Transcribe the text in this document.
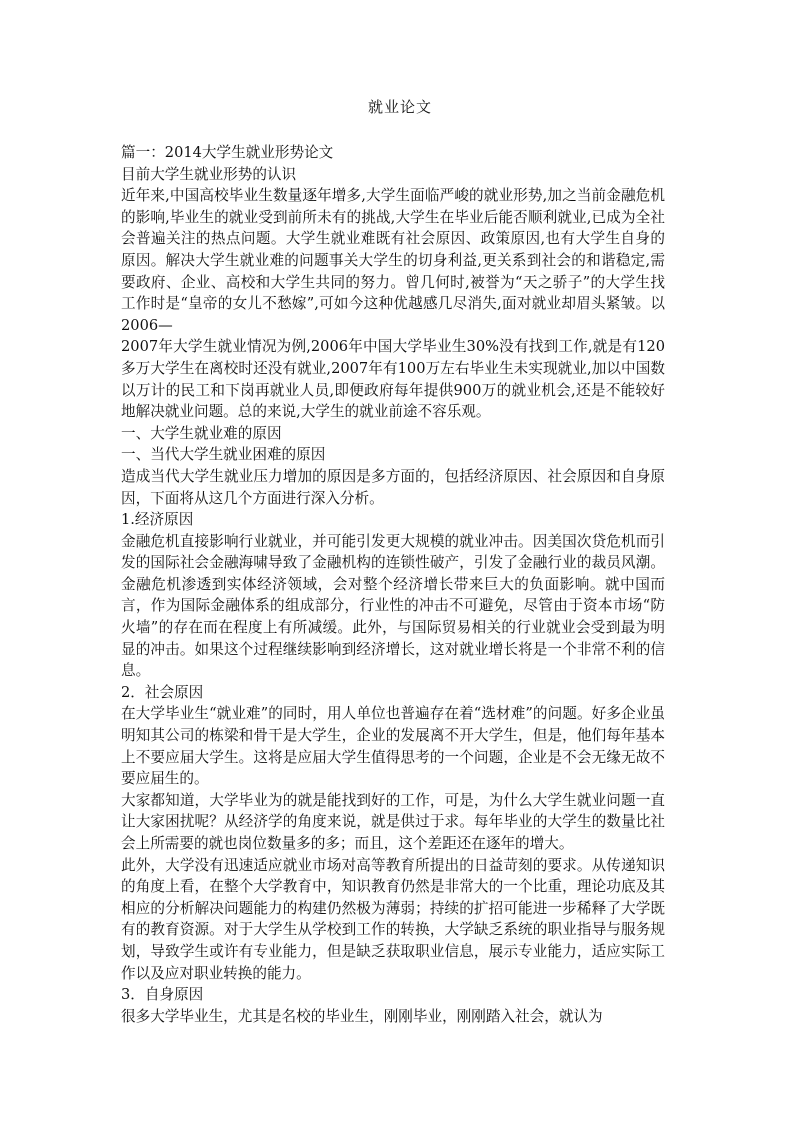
就业论文

篇一：2014大学生就业形势论文

目前大学生就业形势的认识

近年来,中国高校毕业生数量逐年增多,大学生面临严峻的就业形势,加之当前金融危机的影响,毕业生的就业受到前所未有的挑战,大学生在毕业后能否顺利就业,已成为全社会普遍关注的热点问题。大学生就业难既有社会原因、政策原因,也有大学生自身的原因。解决大学生就业难的问题事关大学生的切身利益,更关系到社会的和谐稳定,需要政府、企业、高校和大学生共同的努力。曾几何时,被誉为“天之骄子”的大学生找工作时是“皇帝的女儿不愁嫁”,可如今这种优越感几尽消失,面对就业却眉头紧皱。以2006—

2007年大学生就业情况为例,2006年中国大学毕业生30%没有找到工作,就是有120多万大学生在离校时还没有就业,2007年有100万左右毕业生未实现就业,加以中国数以万计的民工和下岗再就业人员,即便政府每年提供900万的就业机会,还是不能较好地解决就业问题。总的来说,大学生的就业前途不容乐观。

一、大学生就业难的原因

一、当代大学生就业困难的原因

造成当代大学生就业压力增加的原因是多方面的，包括经济原因、社会原因和自身原因，下面将从这几个方面进行深入分析。

1.经济原因

金融危机直接影响行业就业，并可能引发更大规模的就业冲击。因美国次贷危机而引发的国际社会金融海啸导致了金融机构的连锁性破产，引发了金融行业的裁员风潮。金融危机渗透到实体经济领域，会对整个经济增长带来巨大的负面影响。就中国而言，作为国际金融体系的组成部分，行业性的冲击不可避免，尽管由于资本市场“防火墙”的存在而在程度上有所减缓。此外，与国际贸易相关的行业就业会受到最为明显的冲击。如果这个过程继续影响到经济增长，这对就业增长将是一个非常不利的信息。

2．社会原因

在大学毕业生“就业难”的同时，用人单位也普遍存在着“选材难”的问题。好多企业虽明知其公司的栋梁和骨干是大学生，企业的发展离不开大学生，但是，他们每年基本上不要应届大学生。这将是应届大学生值得思考的一个问题，企业是不会无缘无故不要应届生的。

大家都知道，大学毕业为的就是能找到好的工作，可是，为什么大学生就业问题一直让大家困扰呢？从经济学的角度来说，就是供过于求。每年毕业的大学生的数量比社会上所需要的就也岗位数量多的多；而且，这个差距还在逐年的增大。

此外，大学没有迅速适应就业市场对高等教育所提出的日益苛刻的要求。从传递知识的角度上看，在整个大学教育中，知识教育仍然是非常大的一个比重，理论功底及其相应的分析解决问题能力的构建仍然极为薄弱；持续的扩招可能进一步稀释了大学既有的教育资源。对于大学生从学校到工作的转换，大学缺乏系统的职业指导与服务规划，导致学生或许有专业能力，但是缺乏获取职业信息，展示专业能力，适应实际工作以及应对职业转换的能力。

3．自身原因

很多大学毕业生，尤其是名校的毕业生，刚刚毕业，刚刚踏入社会，就认为
